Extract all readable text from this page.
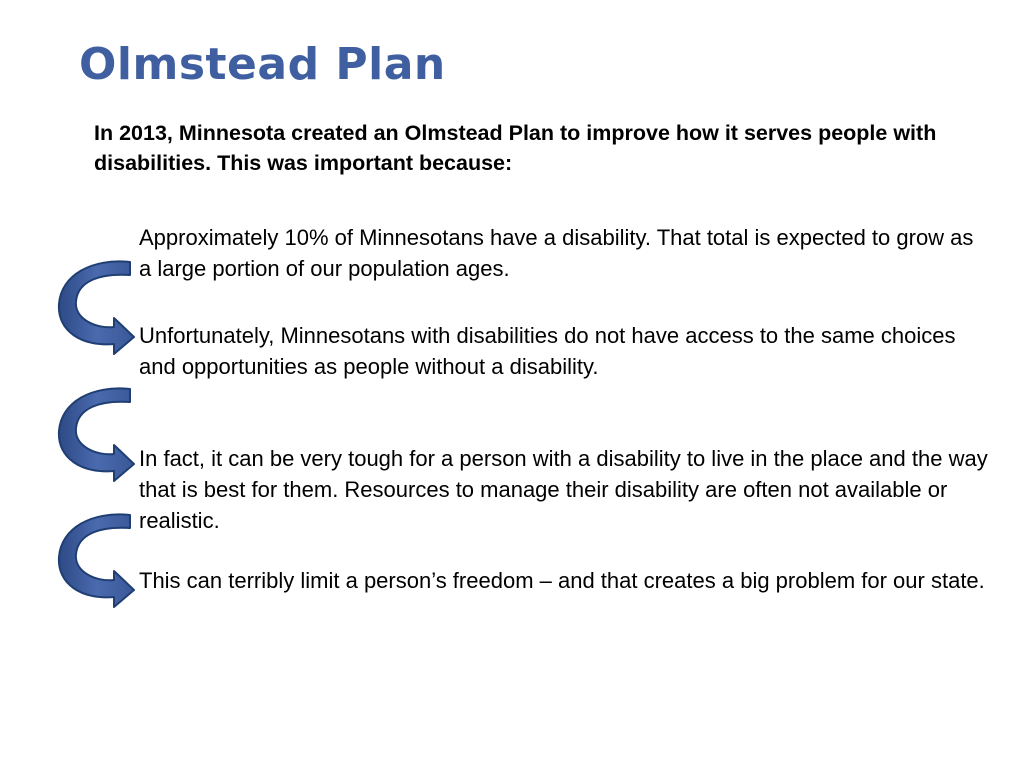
Olmstead Plan

In 2013, Minnesota created an Olmstead Plan to improve how it serves people with disabilities. This was important because:

Approximately 10% of Minnesotans have a disability. That total is expected to grow as a large portion of our population ages.

Unfortunately, Minnesotans with disabilities do not have access to the same choices and opportunities as people without a disability.

In fact, it can be very tough for a person with a disability to live in the place and the way that is best for them. Resources to manage their disability are often not available or realistic.

This can terribly limit a person’s freedom – and that creates a big problem for our state.
